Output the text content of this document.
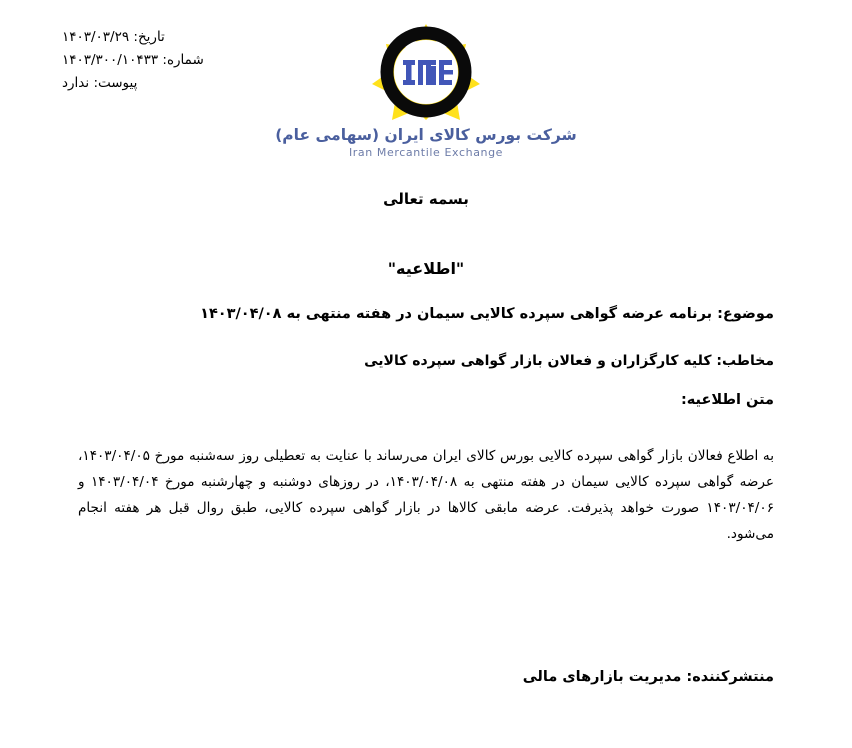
تاریخ: ۱۴۰۳/۰۳/۲۹
شماره: ۱۴۰۳/۳۰۰/۱۰۴۳۳
پیوست: ندارد
شرکت بورس کالای ایران (سهامی عام)
Iran Mercantile Exchange
بسمه تعالی
"اطلاعیه"
موضوع: برنامه عرضه گواهی سپرده کالایی سیمان در هفته منتهی به ۱۴۰۳/۰۴/۰۸
مخاطب: کلیه کارگزاران و فعالان بازار گواهی سپرده کالایی
متن اطلاعیه:
به اطلاع فعالان بازار گواهی سپرده کالایی بورس کالای ایران می‌رساند با عنایت به تعطیلی روز سه‌شنبه مورخ ۱۴۰۳/۰۴/۰۵، عرضه گواهی سپرده کالایی سیمان در هفته منتهی به ۱۴۰۳/۰۴/۰۸، در روزهای دوشنبه و چهارشنبه مورخ ۱۴۰۳/۰۴/۰۴ و ۱۴۰۳/۰۴/۰۶ صورت خواهد پذیرفت. عرضه مابقی کالاها در بازار گواهی سپرده کالایی، طبق روال قبل هر هفته انجام می‌شود.
منتشرکننده: مدیریت بازارهای مالی
